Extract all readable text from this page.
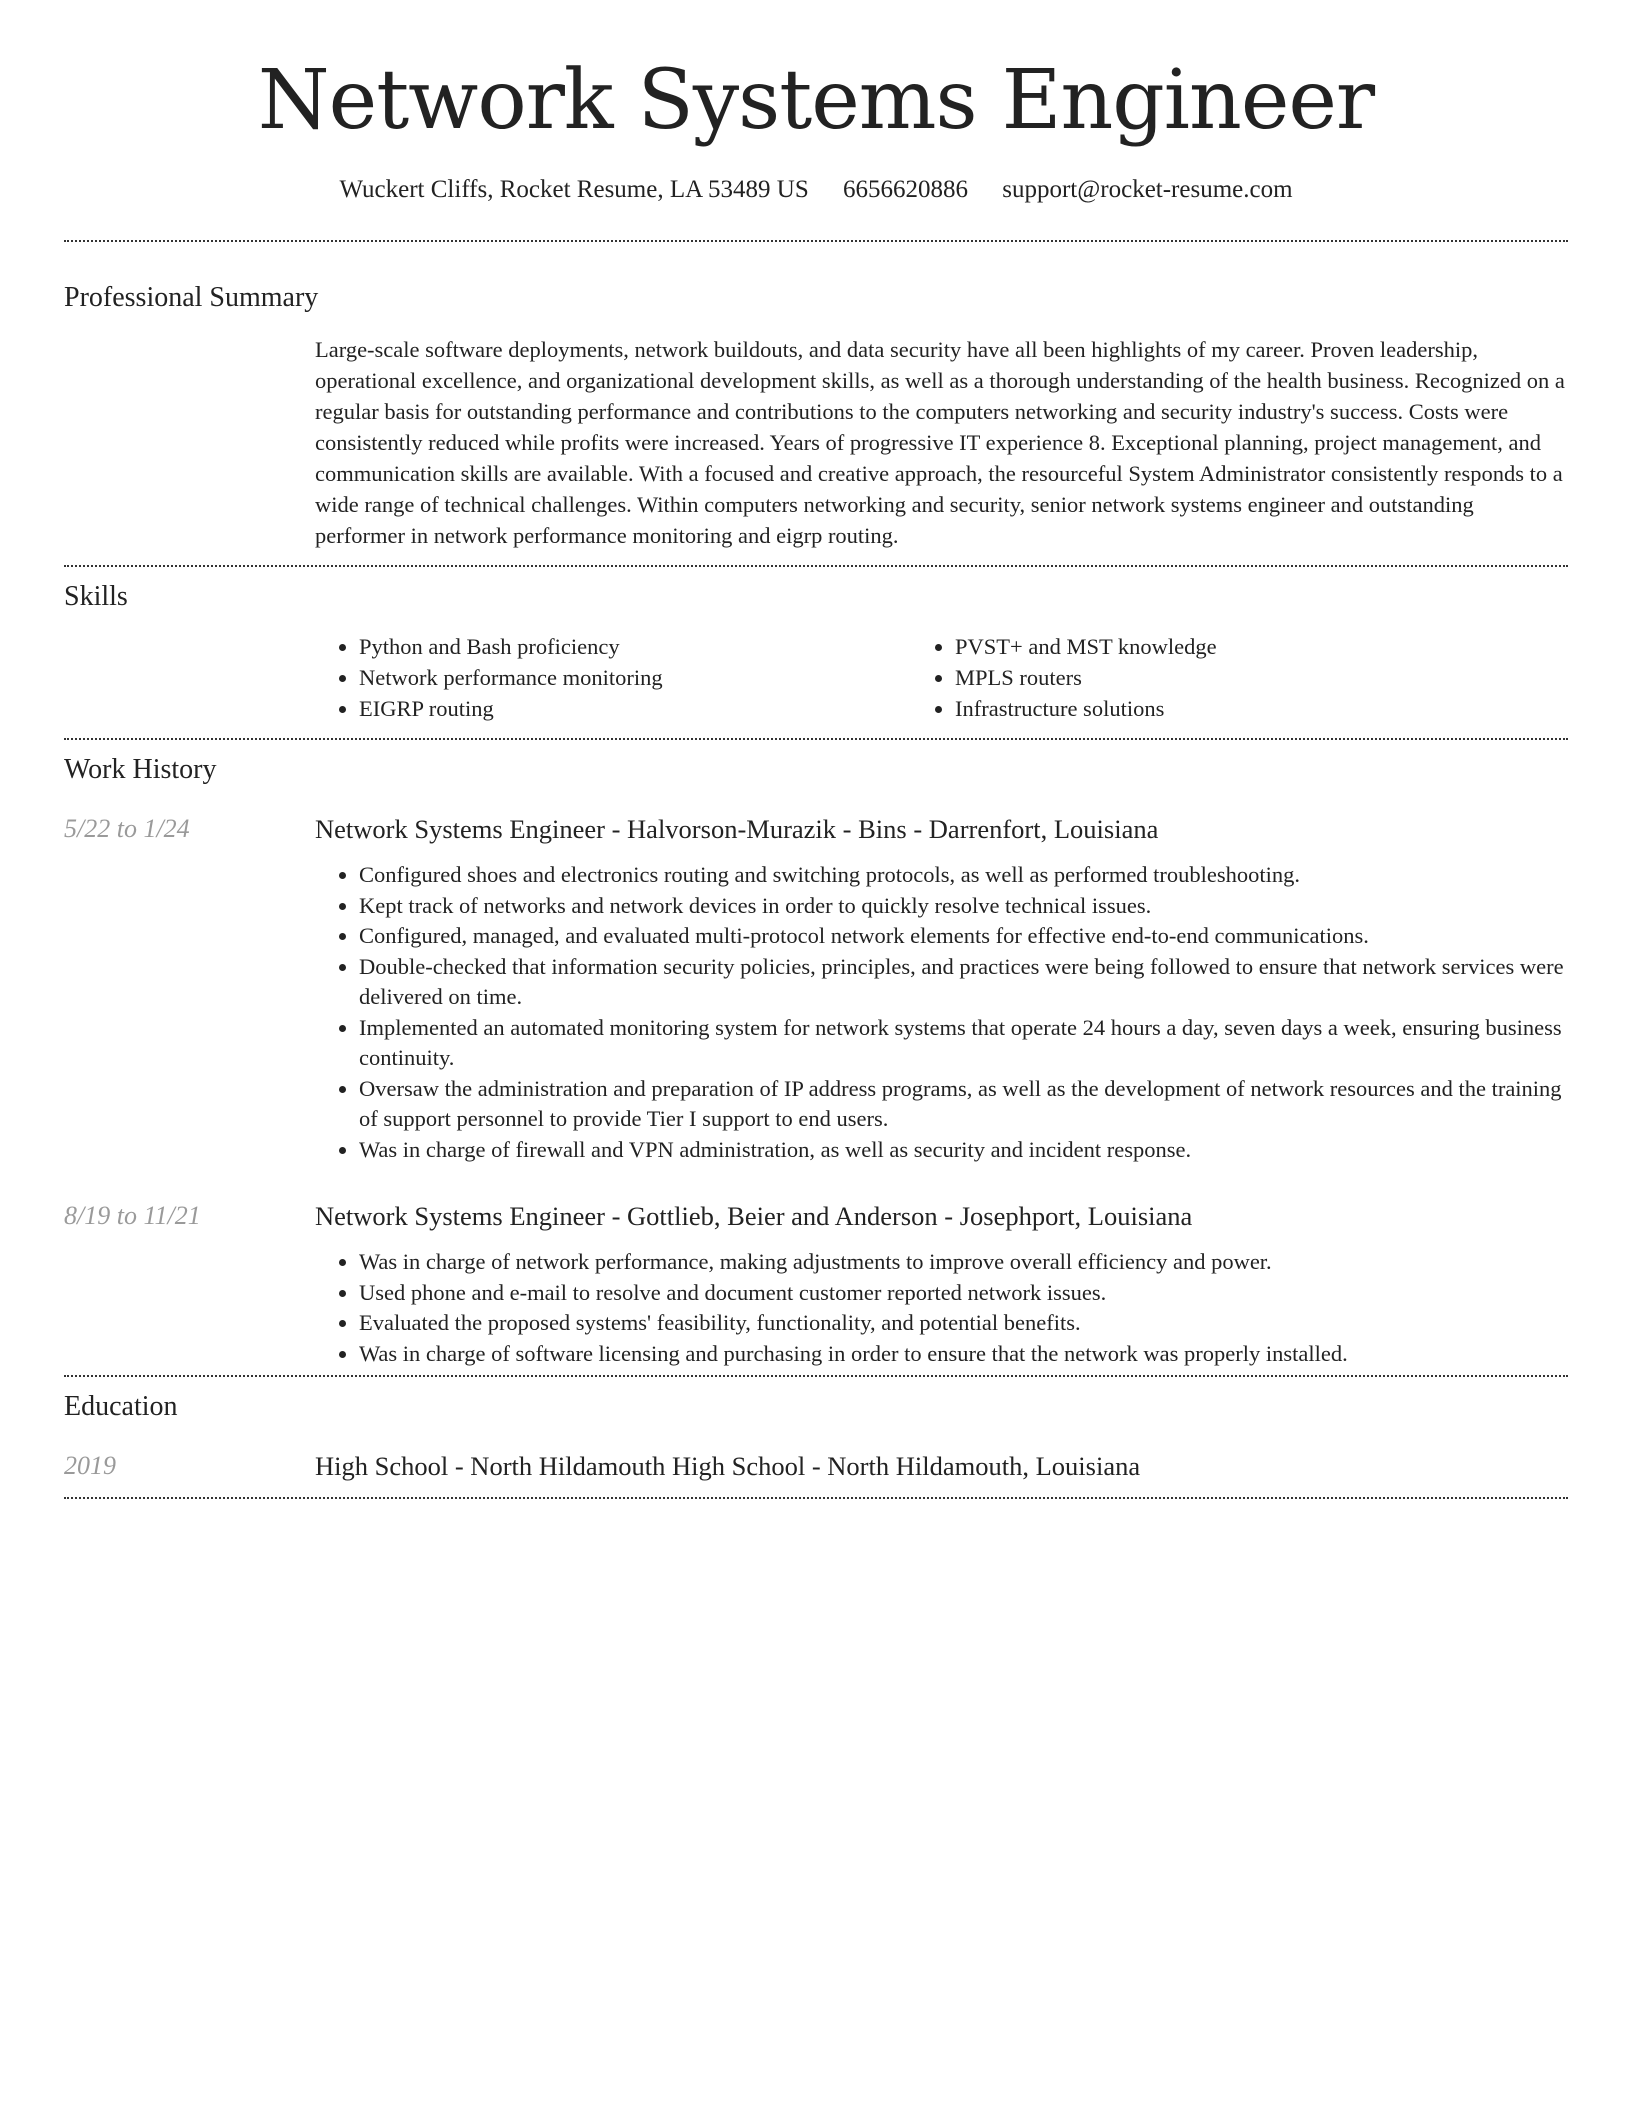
Network Systems Engineer
Wuckert Cliffs, Rocket Resume, LA 53489 US 6656620886 support@rocket-resume.com
Professional Summary
Large-scale software deployments, network buildouts, and data security have all been highlights of my career. Proven leadership, operational excellence, and organizational development skills, as well as a thorough understanding of the health business. Recognized on a regular basis for outstanding performance and contributions to the computers networking and security industry's success. Costs were consistently reduced while profits were increased. Years of progressive IT experience 8. Exceptional planning, project management, and communication skills are available. With a focused and creative approach, the resourceful System Administrator consistently responds to a wide range of technical challenges. Within computers networking and security, senior network systems engineer and outstanding performer in network performance monitoring and eigrp routing.
Skills
• Python and Bash proficiency
• Network performance monitoring
• EIGRP routing
• PVST+ and MST knowledge
• MPLS routers
• Infrastructure solutions
Work History
5/22 to 1/24	Network Systems Engineer - Halvorson-Murazik - Bins - Darrenfort, Louisiana
• Configured shoes and electronics routing and switching protocols, as well as performed troubleshooting.
• Kept track of networks and network devices in order to quickly resolve technical issues.
• Configured, managed, and evaluated multi-protocol network elements for effective end-to-end communications.
• Double-checked that information security policies, principles, and practices were being followed to ensure that network services were delivered on time.
• Implemented an automated monitoring system for network systems that operate 24 hours a day, seven days a week, ensuring business continuity.
• Oversaw the administration and preparation of IP address programs, as well as the development of network resources and the training of support personnel to provide Tier I support to end users.
• Was in charge of firewall and VPN administration, as well as security and incident response.
8/19 to 11/21	Network Systems Engineer - Gottlieb, Beier and Anderson - Josephport, Louisiana
• Was in charge of network performance, making adjustments to improve overall efficiency and power.
• Used phone and e-mail to resolve and document customer reported network issues.
• Evaluated the proposed systems' feasibility, functionality, and potential benefits.
• Was in charge of software licensing and purchasing in order to ensure that the network was properly installed.
Education
2019	High School - North Hildamouth High School - North Hildamouth, Louisiana
